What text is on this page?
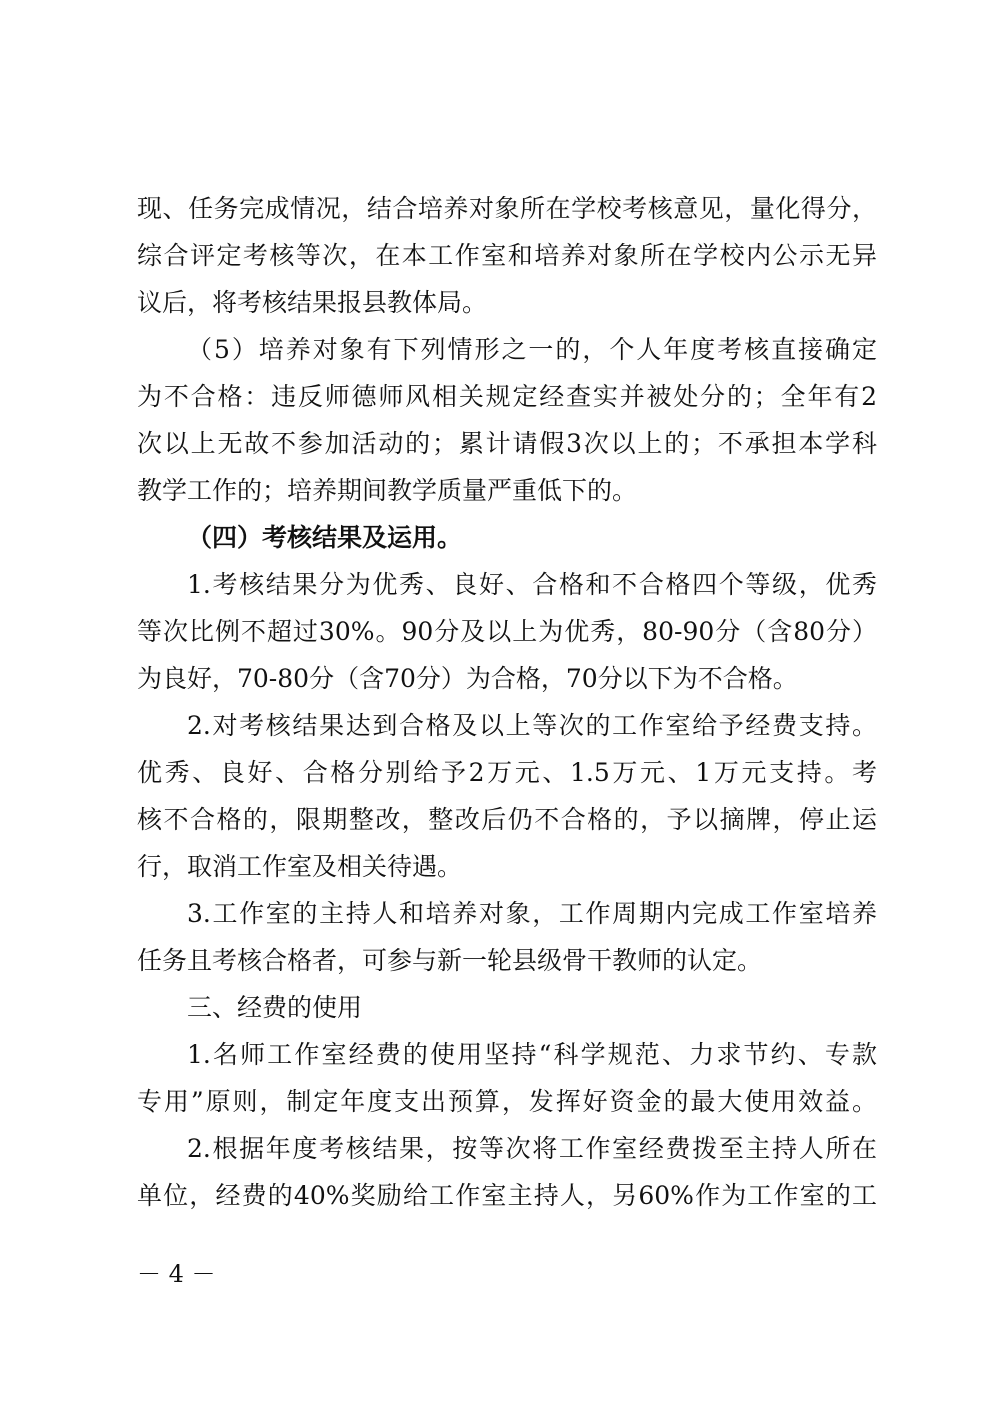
现、任务完成情况，结合培养对象所在学校考核意见，量化得分，
综合评定考核等次，在本工作室和培养对象所在学校内公示无异
议后，将考核结果报县教体局。
（5）培养对象有下列情形之一的，个人年度考核直接确定
为不合格：违反师德师风相关规定经查实并被处分的；全年有2
次以上无故不参加活动的；累计请假3次以上的；不承担本学科
教学工作的；培养期间教学质量严重低下的。
（四）考核结果及运用。
1.考核结果分为优秀、良好、合格和不合格四个等级，优秀
等次比例不超过30%。90分及以上为优秀，80-90分（含80分）
为良好，70-80分（含70分）为合格，70分以下为不合格。
2.对考核结果达到合格及以上等次的工作室给予经费支持。
优秀、良好、合格分别给予2万元、1.5万元、1万元支持。考
核不合格的，限期整改，整改后仍不合格的，予以摘牌，停止运
行，取消工作室及相关待遇。
3.工作室的主持人和培养对象，工作周期内完成工作室培养
任务且考核合格者，可参与新一轮县级骨干教师的认定。
三、经费的使用
1.名师工作室经费的使用坚持“科学规范、力求节约、专款
专用”原则，制定年度支出预算，发挥好资金的最大使用效益。
2.根据年度考核结果，按等次将工作室经费拨至主持人所在
单位，经费的40%奖励给工作室主持人，另60%作为工作室的工
－ 4 －
